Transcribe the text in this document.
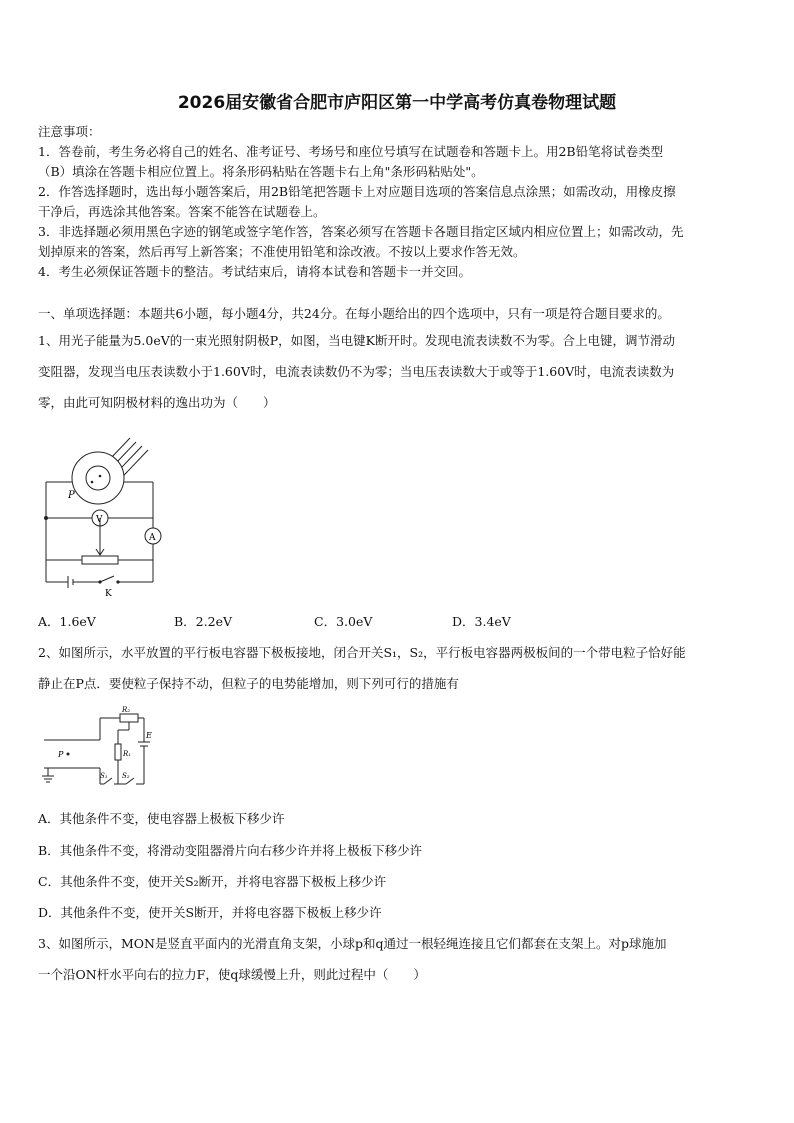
2026届安徽省合肥市庐阳区第一中学高考仿真卷物理试题
注意事项：
1．答卷前，考生务必将自己的姓名、准考证号、考场号和座位号填写在试题卷和答题卡上。用2B铅笔将试卷类型
（B）填涂在答题卡相应位置上。将条形码粘贴在答题卡右上角"条形码粘贴处"。
2．作答选择题时，选出每小题答案后，用2B铅笔把答题卡上对应题目选项的答案信息点涂黑；如需改动，用橡皮擦
干净后，再选涂其他答案。答案不能答在试题卷上。
3．非选择题必须用黑色字迹的钢笔或签字笔作答，答案必须写在答题卡各题目指定区域内相应位置上；如需改动，先
划掉原来的答案，然后再写上新答案；不准使用铅笔和涂改液。不按以上要求作答无效。
4．考生必须保证答题卡的整洁。考试结束后，请将本试卷和答题卡一并交回。
一、单项选择题：本题共6小题，每小题4分，共24分。在每小题给出的四个选项中，只有一项是符合题目要求的。
1、用光子能量为5.0eV的一束光照射阴极P，如图，当电键K断开时。发现电流表读数不为零。合上电键，调节滑动
变阻器，发现当电压表读数小于1.60V时，电流表读数仍不为零；当电压表读数大于或等于1.60V时，电流表读数为
零，由此可知阴极材料的逸出功为（　　）
P
V
A
K
A．1.6eV	B．2.2eV	C．3.0eV	D．3.4eV
2、如图所示，水平放置的平行板电容器下极板接地，闭合开关S₁，S₂，平行板电容器两极板间的一个带电粒子恰好能
静止在P点．要使粒子保持不动，但粒子的电势能增加，则下列可行的措施有
P
R₂
R₁
E
S₁ S₂
A．其他条件不变，使电容器上极板下移少许
B．其他条件不变，将滑动变阻器滑片向右移少许并将上极板下移少许
C．其他条件不变，使开关S₂断开，并将电容器下极板上移少许
D．其他条件不变，使开关S断开，并将电容器下极板上移少许
3、如图所示，MON是竖直平面内的光滑直角支架，小球p和q通过一根轻绳连接且它们都套在支架上。对p球施加
一个沿ON杆水平向右的拉力F，使q球缓慢上升，则此过程中（　　）
